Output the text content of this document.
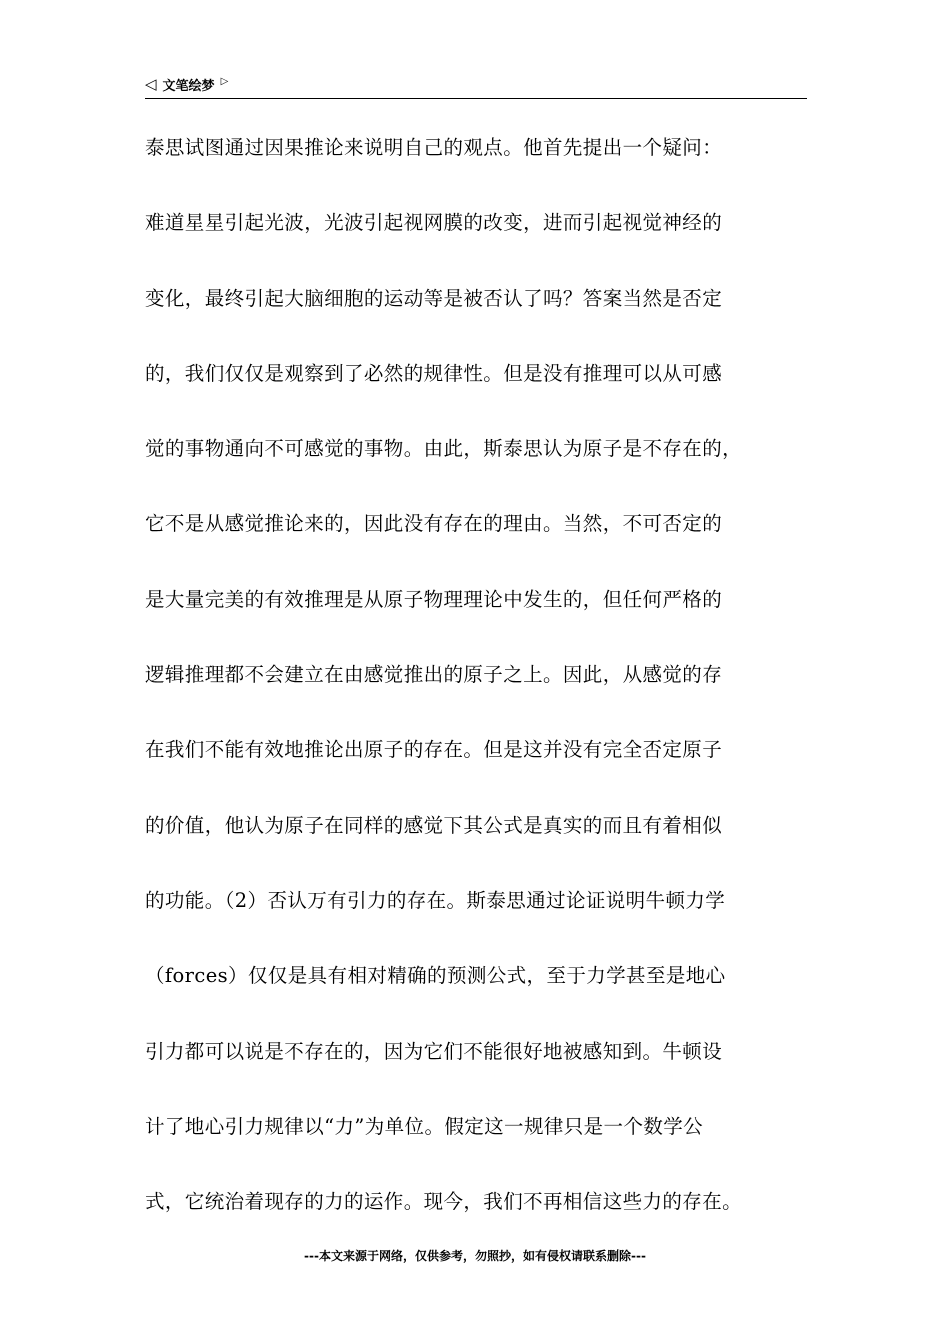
◁ 文笔绘梦 ▷
泰思试图通过因果推论来说明自己的观点。他首先提出一个疑问：
难道星星引起光波，光波引起视网膜的改变，进而引起视觉神经的
变化，最终引起大脑细胞的运动等是被否认了吗？答案当然是否定
的，我们仅仅是观察到了必然的规律性。但是没有推理可以从可感
觉的事物通向不可感觉的事物。由此，斯泰思认为原子是不存在的，
它不是从感觉推论来的，因此没有存在的理由。当然，不可否定的
是大量完美的有效推理是从原子物理理论中发生的，但任何严格的
逻辑推理都不会建立在由感觉推出的原子之上。因此，从感觉的存
在我们不能有效地推论出原子的存在。但是这并没有完全否定原子
的价值，他认为原子在同样的感觉下其公式是真实的而且有着相似
的功能。（2）否认万有引力的存在。斯泰思通过论证说明牛顿力学
（forces）仅仅是具有相对精确的预测公式，至于力学甚至是地心
引力都可以说是不存在的，因为它们不能很好地被感知到。牛顿设
计了地心引力规律以“力”为单位。假定这一规律只是一个数学公
式，它统治着现存的力的运作。现今，我们不再相信这些力的存在。
---本文来源于网络，仅供参考，勿照抄，如有侵权请联系删除---
